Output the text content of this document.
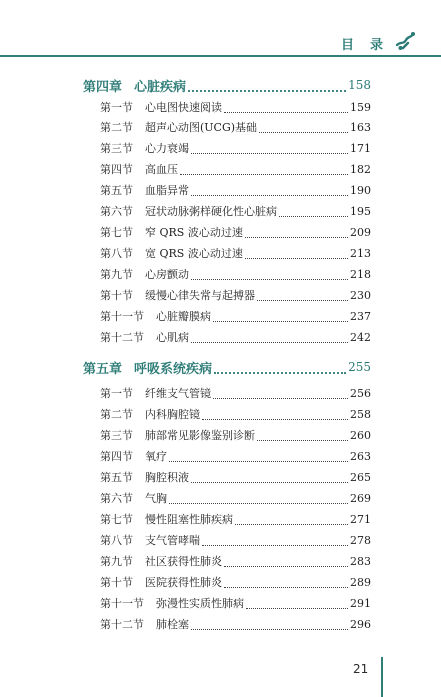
目 录
第四章 心脏疾病	158
第一节 心电图快速阅读	159
第二节 超声心动图(UCG)基础	163
第三节 心力衰竭	171
第四节 高血压	182
第五节 血脂异常	190
第六节 冠状动脉粥样硬化性心脏病	195
第七节 窄 QRS 波心动过速	209
第八节 宽 QRS 波心动过速	213
第九节 心房颤动	218
第十节 缓慢心律失常与起搏器	230
第十一节 心脏瓣膜病	237
第十二节 心肌病	242
第五章 呼吸系统疾病	255
第一节 纤维支气管镜	256
第二节 内科胸腔镜	258
第三节 肺部常见影像鉴别诊断	260
第四节 氧疗	263
第五节 胸腔积液	265
第六节 气胸	269
第七节 慢性阻塞性肺疾病	271
第八节 支气管哮喘	278
第九节 社区获得性肺炎	283
第十节 医院获得性肺炎	289
第十一节 弥漫性实质性肺病	291
第十二节 肺栓塞	296
21
